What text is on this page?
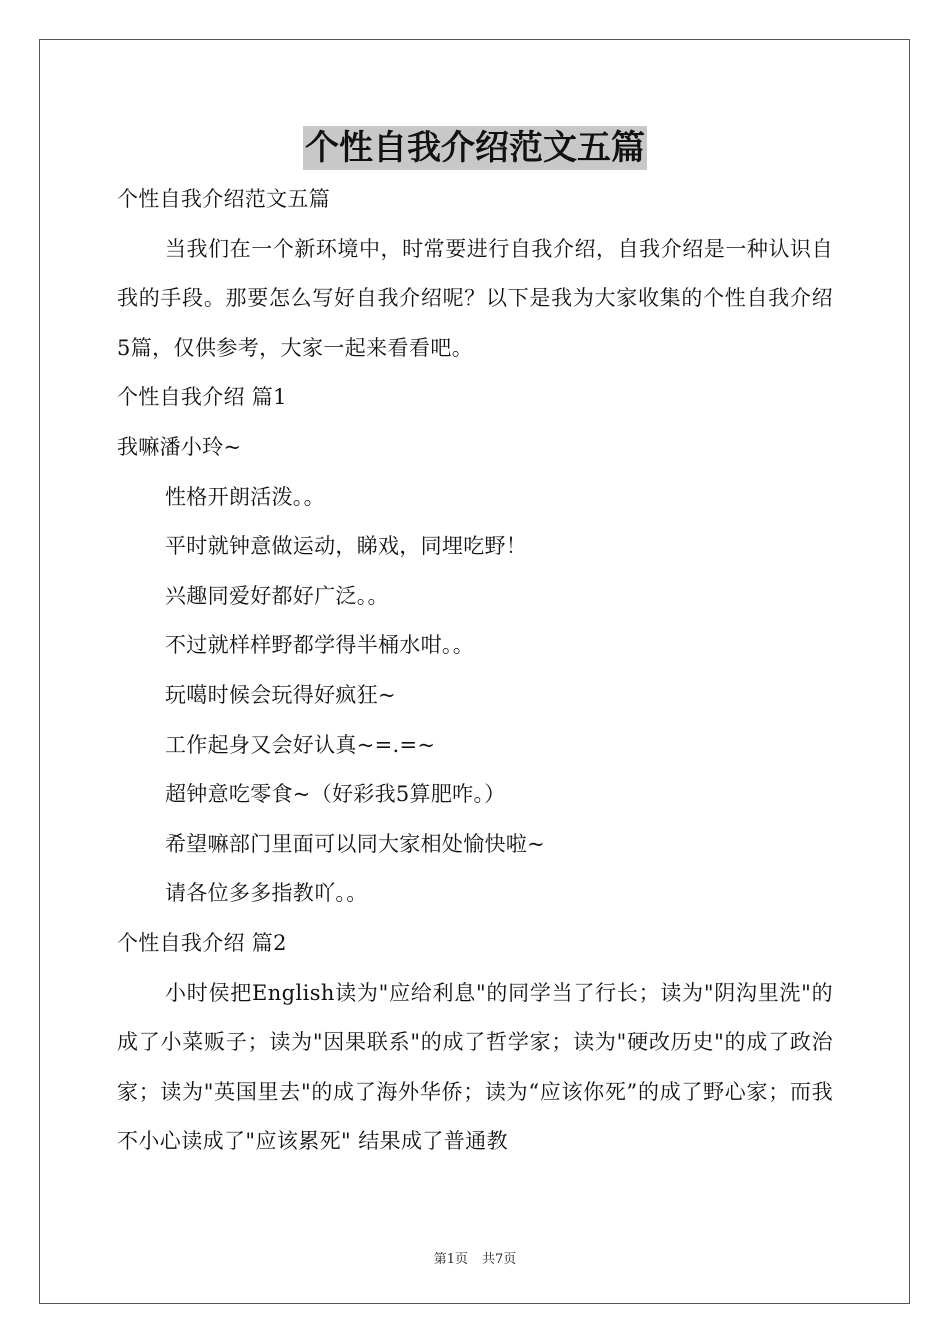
个性自我介绍范文五篇
个性自我介绍范文五篇
当我们在一个新环境中，时常要进行自我介绍，自我介绍是一种认识自我的手段。那要怎么写好自我介绍呢？以下是我为大家收集的个性自我介绍5篇，仅供参考，大家一起来看看吧。
个性自我介绍 篇1
我嘛潘小玲~
性格开朗活泼。。
平时就钟意做运动，睇戏，同埋吃野！
兴趣同爱好都好广泛。。
不过就样样野都学得半桶水咁。。
玩噶时候会玩得好疯狂~
工作起身又会好认真~=.=~
超钟意吃零食~（好彩我5算肥咋。）
希望嘛部门里面可以同大家相处愉快啦~
请各位多多指教吖。。
个性自我介绍 篇2
小时侯把English读为"应给利息"的同学当了行长；读为"阴沟里洗"的成了小菜贩子；读为"因果联系"的成了哲学家；读为"硬改历史"的成了政治家；读为"英国里去"的成了海外华侨；读为“应该你死”的成了野心家；而我不小心读成了"应该累死" 结果成了普通教
第1页 共7页
